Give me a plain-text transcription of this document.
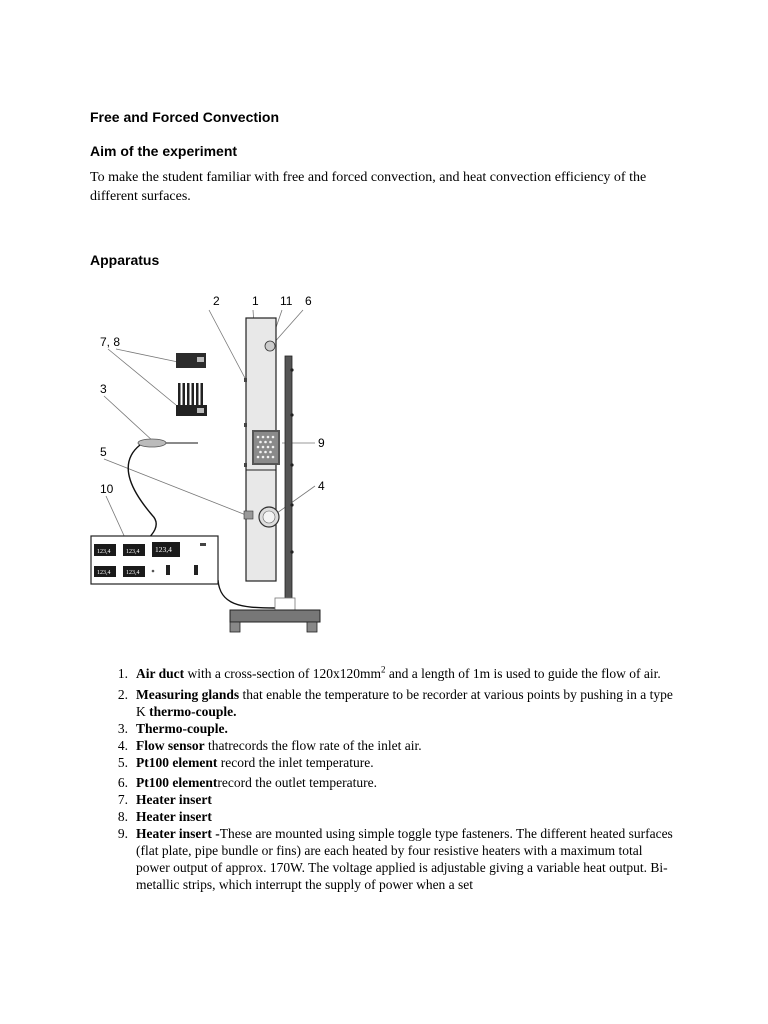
Free and Forced Convection
Aim of the experiment

To make the student familiar with free and forced convection, and heat convection efficiency of the different surfaces.

Apparatus
2	1 11 6
7, 8
3
9
5
4
10
123,4	123,4 123,4
123,4	123,4
1. Air duct with a cross-section of $120x120mm^2$ and a length of 1m is used to guide the flow of air.
2. Measuring glands that enable the temperature to be recorder at various points by pushing in a type K thermo-couple.
3. Thermo-couple.
4. Flow sensor thatrecords the flow rate of the inlet air.
5. Pt100 element record the inlet temperature.
6. Pt100 elementrecord the outlet temperature.
7. Heater insert
8. Heater insert
9. Heater insert -These are mounted using simple toggle type fasteners. The different heated surfaces (flat plate, pipe bundle or fins) are each heated by four resistive heaters with a maximum total power output of approx. 170W. The voltage applied is adjustable giving a variable heat output. Bi-metallic strips, which interrupt the supply of power when a set
